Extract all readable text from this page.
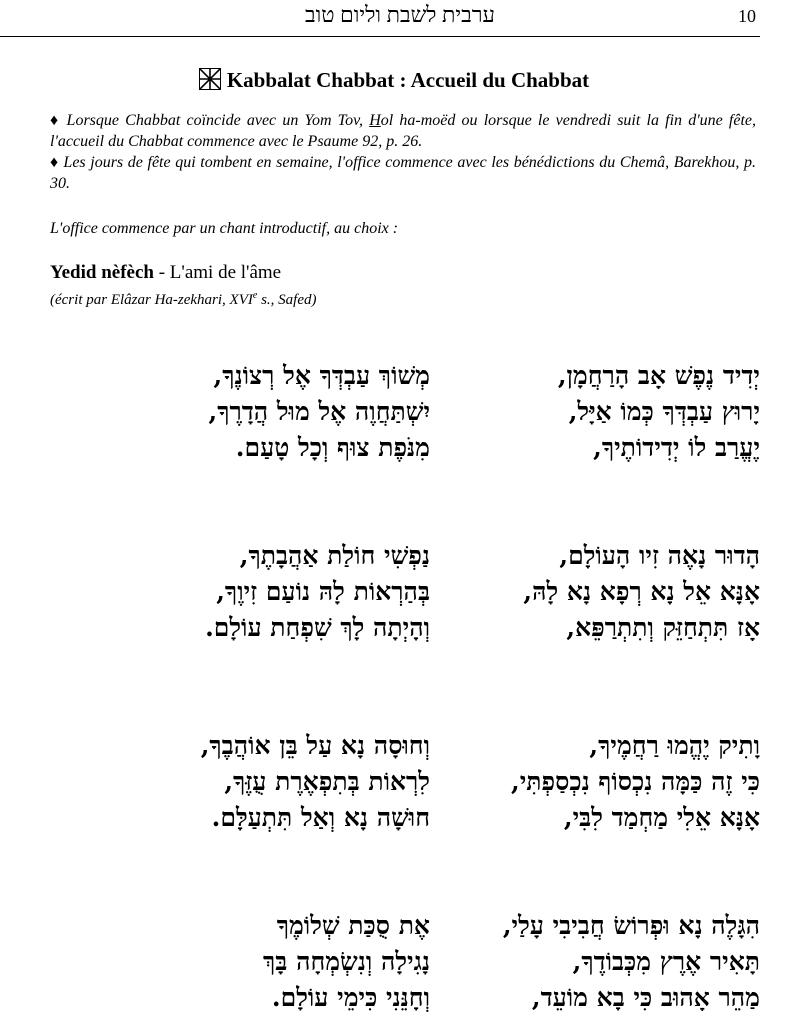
ערבית לשבת וליום טוב	10
Kabbalat Chabbat : Accueil du Chabbat

♦ Lorsque Chabbat coïncide avec un Yom Tov, Hol ha-moëd ou lorsque le vendredi suit la fin d'une fête, l'accueil du Chabbat commence avec le Psaume 92, p. 26.

♦ Les jours de fête qui tombent en semaine, l'office commence avec les bénédictions du Chemâ, Barekhou, p. 30.

L'office commence par un chant introductif, au choix :
Yedid nèfèch - L'ami de l'âme
(écrit par Elâzar Ha-zekhari, XVIe s., Safed)
יְדִיד נֶפֶשׁ אָב הָרַחֲמָן,
יָרוּץ עַבְדְּךָ כְּמוֹ אַיָּל,
יֶעֱרַב לוֹ יְדִידוֹתֶיךָ,
מְשׁוֹךְ עַבְדְּךָ אֶל רְצוֹנֶךָ,
יִשְׁתַּחֲוֶה אֶל מוּל הֲדָרֶךָ,
מִנֹּפֶת צוּף וְכָל טָעַם.
הָדוּר נָאֶה זִיו הָעוֹלָם,
אָנָּא אֵל נָא רְפָא נָא לָהּ,
אָז תִּתְחַזֵּק וְתִתְרַפֵּא,
נַפְשִׁי חוֹלַת אַהֲבָתֶךָ,
בְּהַרְאוֹת לָהּ נוֹעַם זִיוֶךָ,
וְהָיְתָה לָךְ שִׁפְחַת עוֹלָם.
וָתִיק יֶהֱמוּ רַחֲמֶיךָ,
כִּי זֶה כַּמָּה נִכְסוֹף נִכְסַפְתִּי,
אָנָּא אֵלִי מַחְמַד לִבִּי,
וְחוּסָה נָא עַל בֵּן אוֹהֲבֶךָ,
לִרְאוֹת בְּתִפְאֶרֶת עֻזֶּךָ,
חוּשָׁה נָא וְאַל תִּתְעַלָּם.
הִגָּלֶה נָא וּפְרוֹשׂ חֲבִיבִי עָלַי,
תָּאִיר אֶרֶץ מִכְּבוֹדֶךָ,
מַהֵר אָהוּב כִּי בָא מוֹעֵד,
אֶת סֻכַּת שְׁלוֹמֶךָ
נָגִילָה וְנִשְׂמְחָה בָּךְ
וְחָנֵּנִי כִּימֵי עוֹלָם.
